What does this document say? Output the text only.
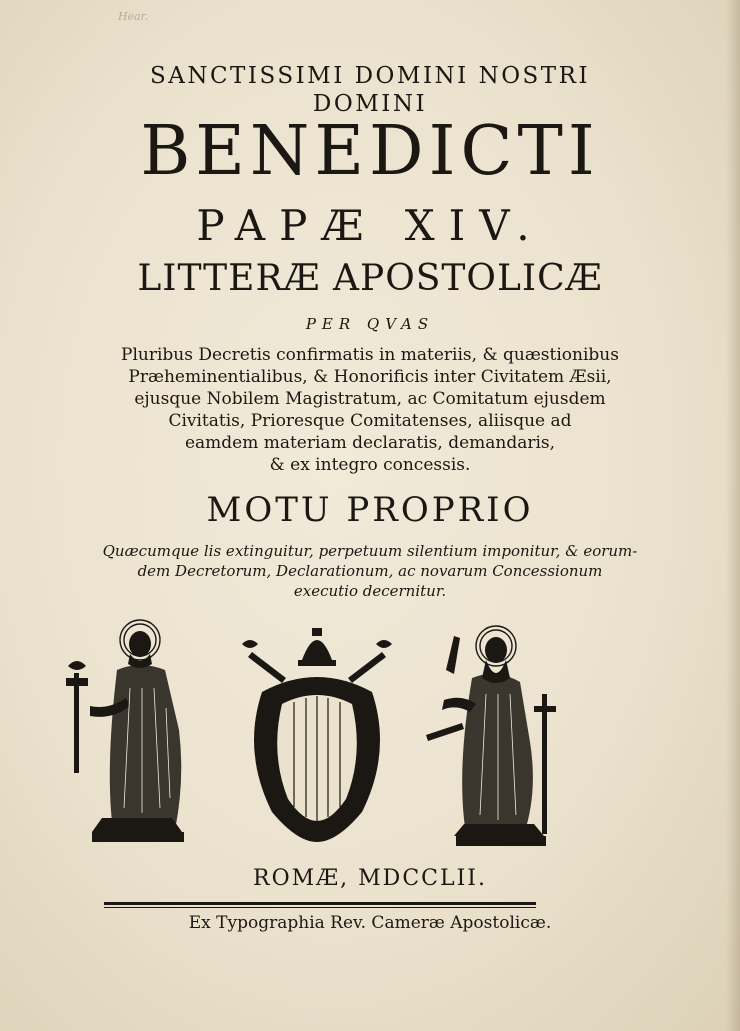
Hear.
SANCTISSIMI DOMINI NOSTRI
DOMINI
BENEDICTI
PAPÆ XIV.
LITTERÆ APOSTOLICÆ
PER QVAS
Pluribus Decretis confirmatis in materiis, & quæstionibus
Præheminentialibus, & Honorificis inter Civitatem Æsii,
ejusque Nobilem Magistratum, ac Comitatum ejusdem
Civitatis, Prioresque Comitatenses, aliisque ad
eamdem materiam declaratis, demandaris,
& ex integro concessis.
MOTU PROPRIO
Quæcumque lis extinguitur, perpetuum silentium imponitur, & eorum-
dem Decretorum, Declarationum, ac novarum Concessionum
executio decernitur.
ROMÆ, MDCCLII.
Ex Typographia Rev. Cameræ Apostolicæ.
